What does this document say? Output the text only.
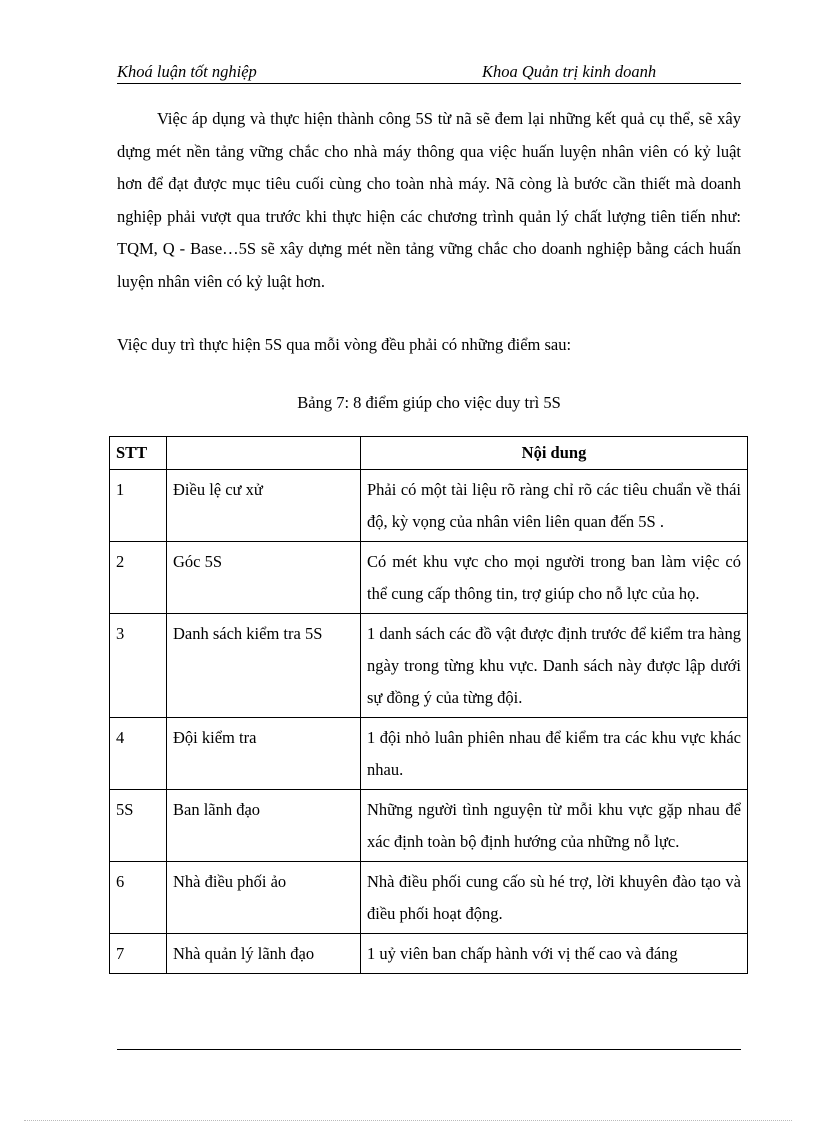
Khoá luận tốt nghiệp	Khoa Quản trị kinh doanh

Việc áp dụng và thực hiện thành công 5S từ nã sẽ đem lại những kết quả cụ thể, sẽ xây dựng mét nền tảng vững chắc cho nhà máy thông qua việc huấn luyện nhân viên có kỷ luật hơn để đạt được mục tiêu cuối cùng cho toàn nhà máy. Nã còng là bước cần thiết mà doanh nghiệp phải vượt qua trước khi thực hiện các chương trình quản lý chất lượng tiên tiến như: TQM, Q - Base…5S sẽ xây dựng mét nền tảng vững chắc cho doanh nghiệp bằng cách huấn luyện nhân viên có kỷ luật hơn.

Việc duy trì thực hiện 5S qua mỗi vòng đều phải có những điểm sau:

Bảng 7: 8 điểm giúp cho việc duy trì 5S
STT		Nội dung
1	Điều lệ cư xử	Phải có một tài liệu rõ ràng chỉ rõ các tiêu chuẩn về thái độ, kỳ vọng của nhân viên liên quan đến 5S .
2	Góc 5S	Có mét khu vực cho mọi người trong ban làm việc có thể cung cấp thông tin, trợ giúp cho nỗ lực của họ.
3	Danh sách kiểm tra 5S	1 danh sách các đồ vật được định trước để kiểm tra hàng ngày trong từng khu vực. Danh sách này được lập dưới sự đồng ý của từng đội.
4	Đội kiểm tra	1 đội nhỏ luân phiên nhau để kiểm tra các khu vực khác nhau.
5S	Ban lãnh đạo	Những người tình nguyện từ mỗi khu vực gặp nhau để xác định toàn bộ định hướng của những nỗ lực.
6	Nhà điều phối ảo	Nhà điều phối cung cấo sù hé trợ, lời khuyên đào tạo và điều phối hoạt động.
7	Nhà quản lý lãnh đạo	1 uỷ viên ban chấp hành với vị thế cao và đáng
